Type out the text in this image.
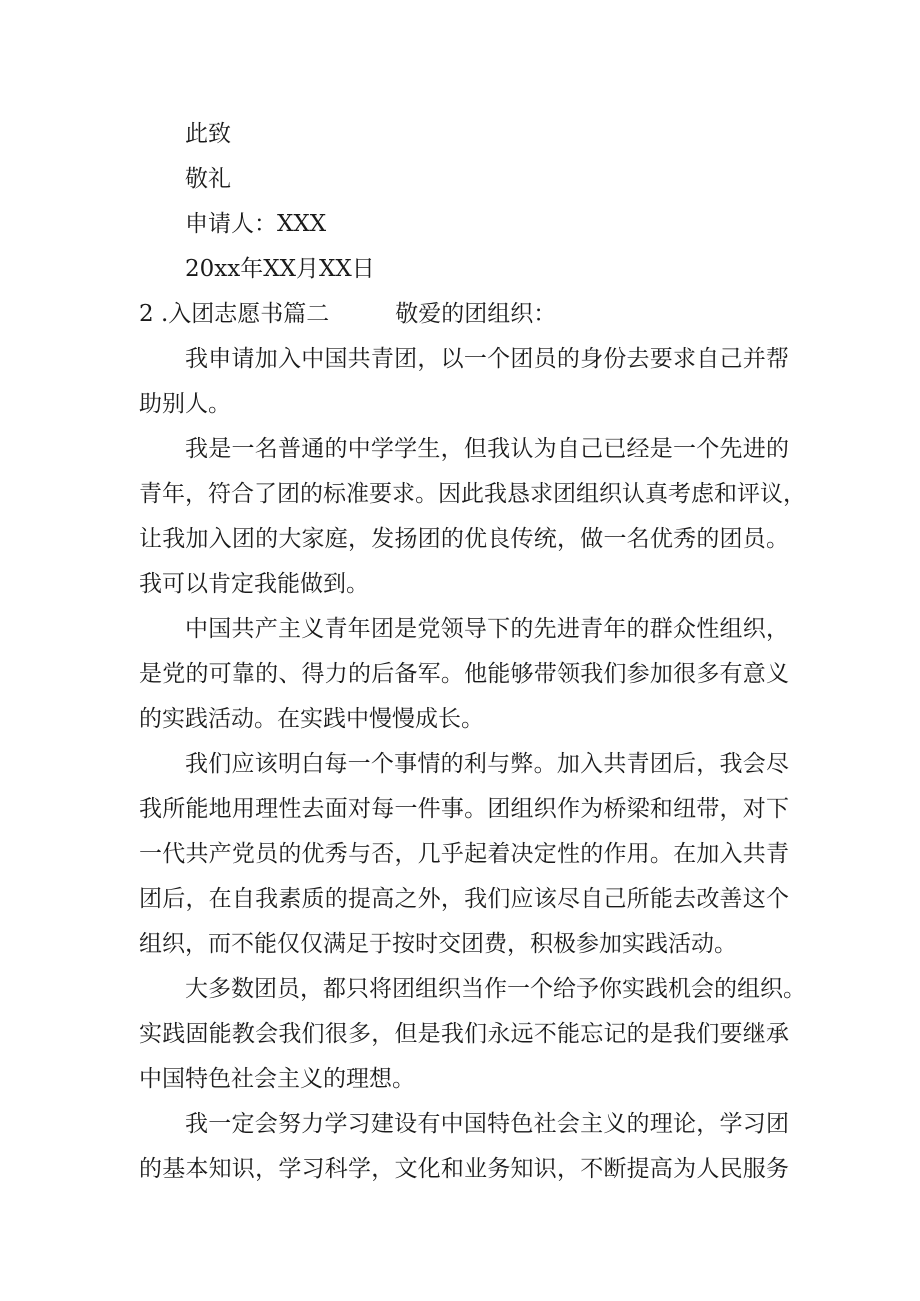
此致
敬礼
申请人：XXX
20xx年XX月XX日
2 .入团志愿书篇二	敬爱的团组织：
我申请加入中国共青团，以一个团员的身份去要求自己并帮
助别人。
我是一名普通的中学学生，但我认为自己已经是一个先进的
青年，符合了团的标准要求。因此我恳求团组织认真考虑和评议，
让我加入团的大家庭，发扬团的优良传统，做一名优秀的团员。
我可以肯定我能做到。
中国共产主义青年团是党领导下的先进青年的群众性组织，
是党的可靠的、得力的后备军。他能够带领我们参加很多有意义
的实践活动。在实践中慢慢成长。
我们应该明白每一个事情的利与弊。加入共青团后，我会尽
我所能地用理性去面对每一件事。团组织作为桥梁和纽带，对下
一代共产党员的优秀与否，几乎起着决定性的作用。在加入共青
团后，在自我素质的提高之外，我们应该尽自己所能去改善这个
组织，而不能仅仅满足于按时交团费，积极参加实践活动。
大多数团员，都只将团组织当作一个给予你实践机会的组织。
实践固能教会我们很多，但是我们永远不能忘记的是我们要继承
中国特色社会主义的理想。
我一定会努力学习建设有中国特色社会主义的理论，学习团
的基本知识，学习科学，文化和业务知识，不断提高为人民服务
